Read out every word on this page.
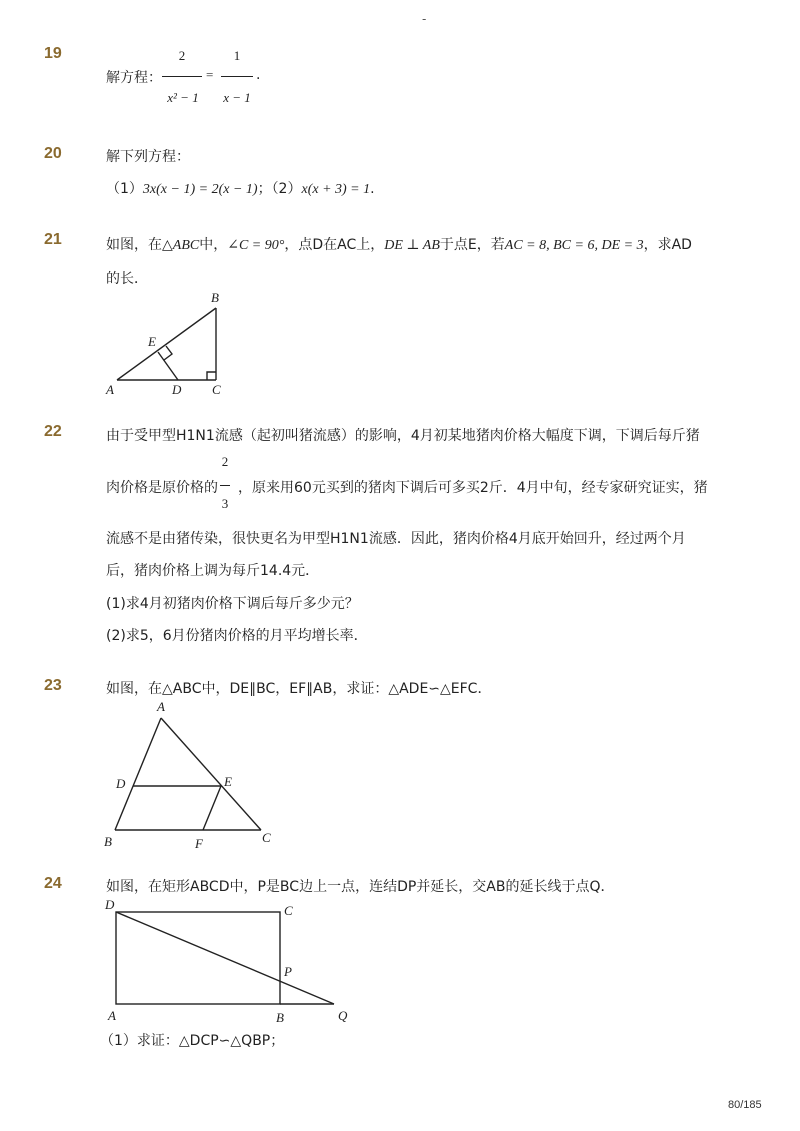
-
19
解方程：
2
x² − 1
=
1
x − 1
.
20	解下列方程：
（1）3x(x − 1) = 2(x − 1)；（2）x(x + 3) = 1.
21	如图，在△ABC中，∠C = 90°，点D在AC上，DE ⊥ AB于点E，若AC = 8, BC = 6, DE = 3，求AD
的长．
A
B
C
D
E
22	由于受甲型H1N1流感（起初叫猪流感）的影响，4月初某地猪肉价格大幅度下调，下调后每斤猪
肉价格是原价格的 ，原来用60元买到的猪肉下调后可多买2斤．4月中旬，经专家研究证实，猪
2
3
流感不是由猪传染，很快更名为甲型H1N1流感．因此，猪肉价格4月底开始回升，经过两个月
后，猪肉价格上调为每斤14.4元．
(1)求4月初猪肉价格下调后每斤多少元？
(2)求5，6月份猪肉价格的月平均增长率．
23	如图，在△ABC中，DE∥BC，EF∥AB，求证：△ADE∽△EFC．
A
B	C
D	E
F
24	如图，在矩形ABCD中，P是BC边上一点，连结DP并延长，交AB的延长线于点Q．
A	B
C
D
P
Q
（1）求证：△DCP∽△QBP；
80/185
